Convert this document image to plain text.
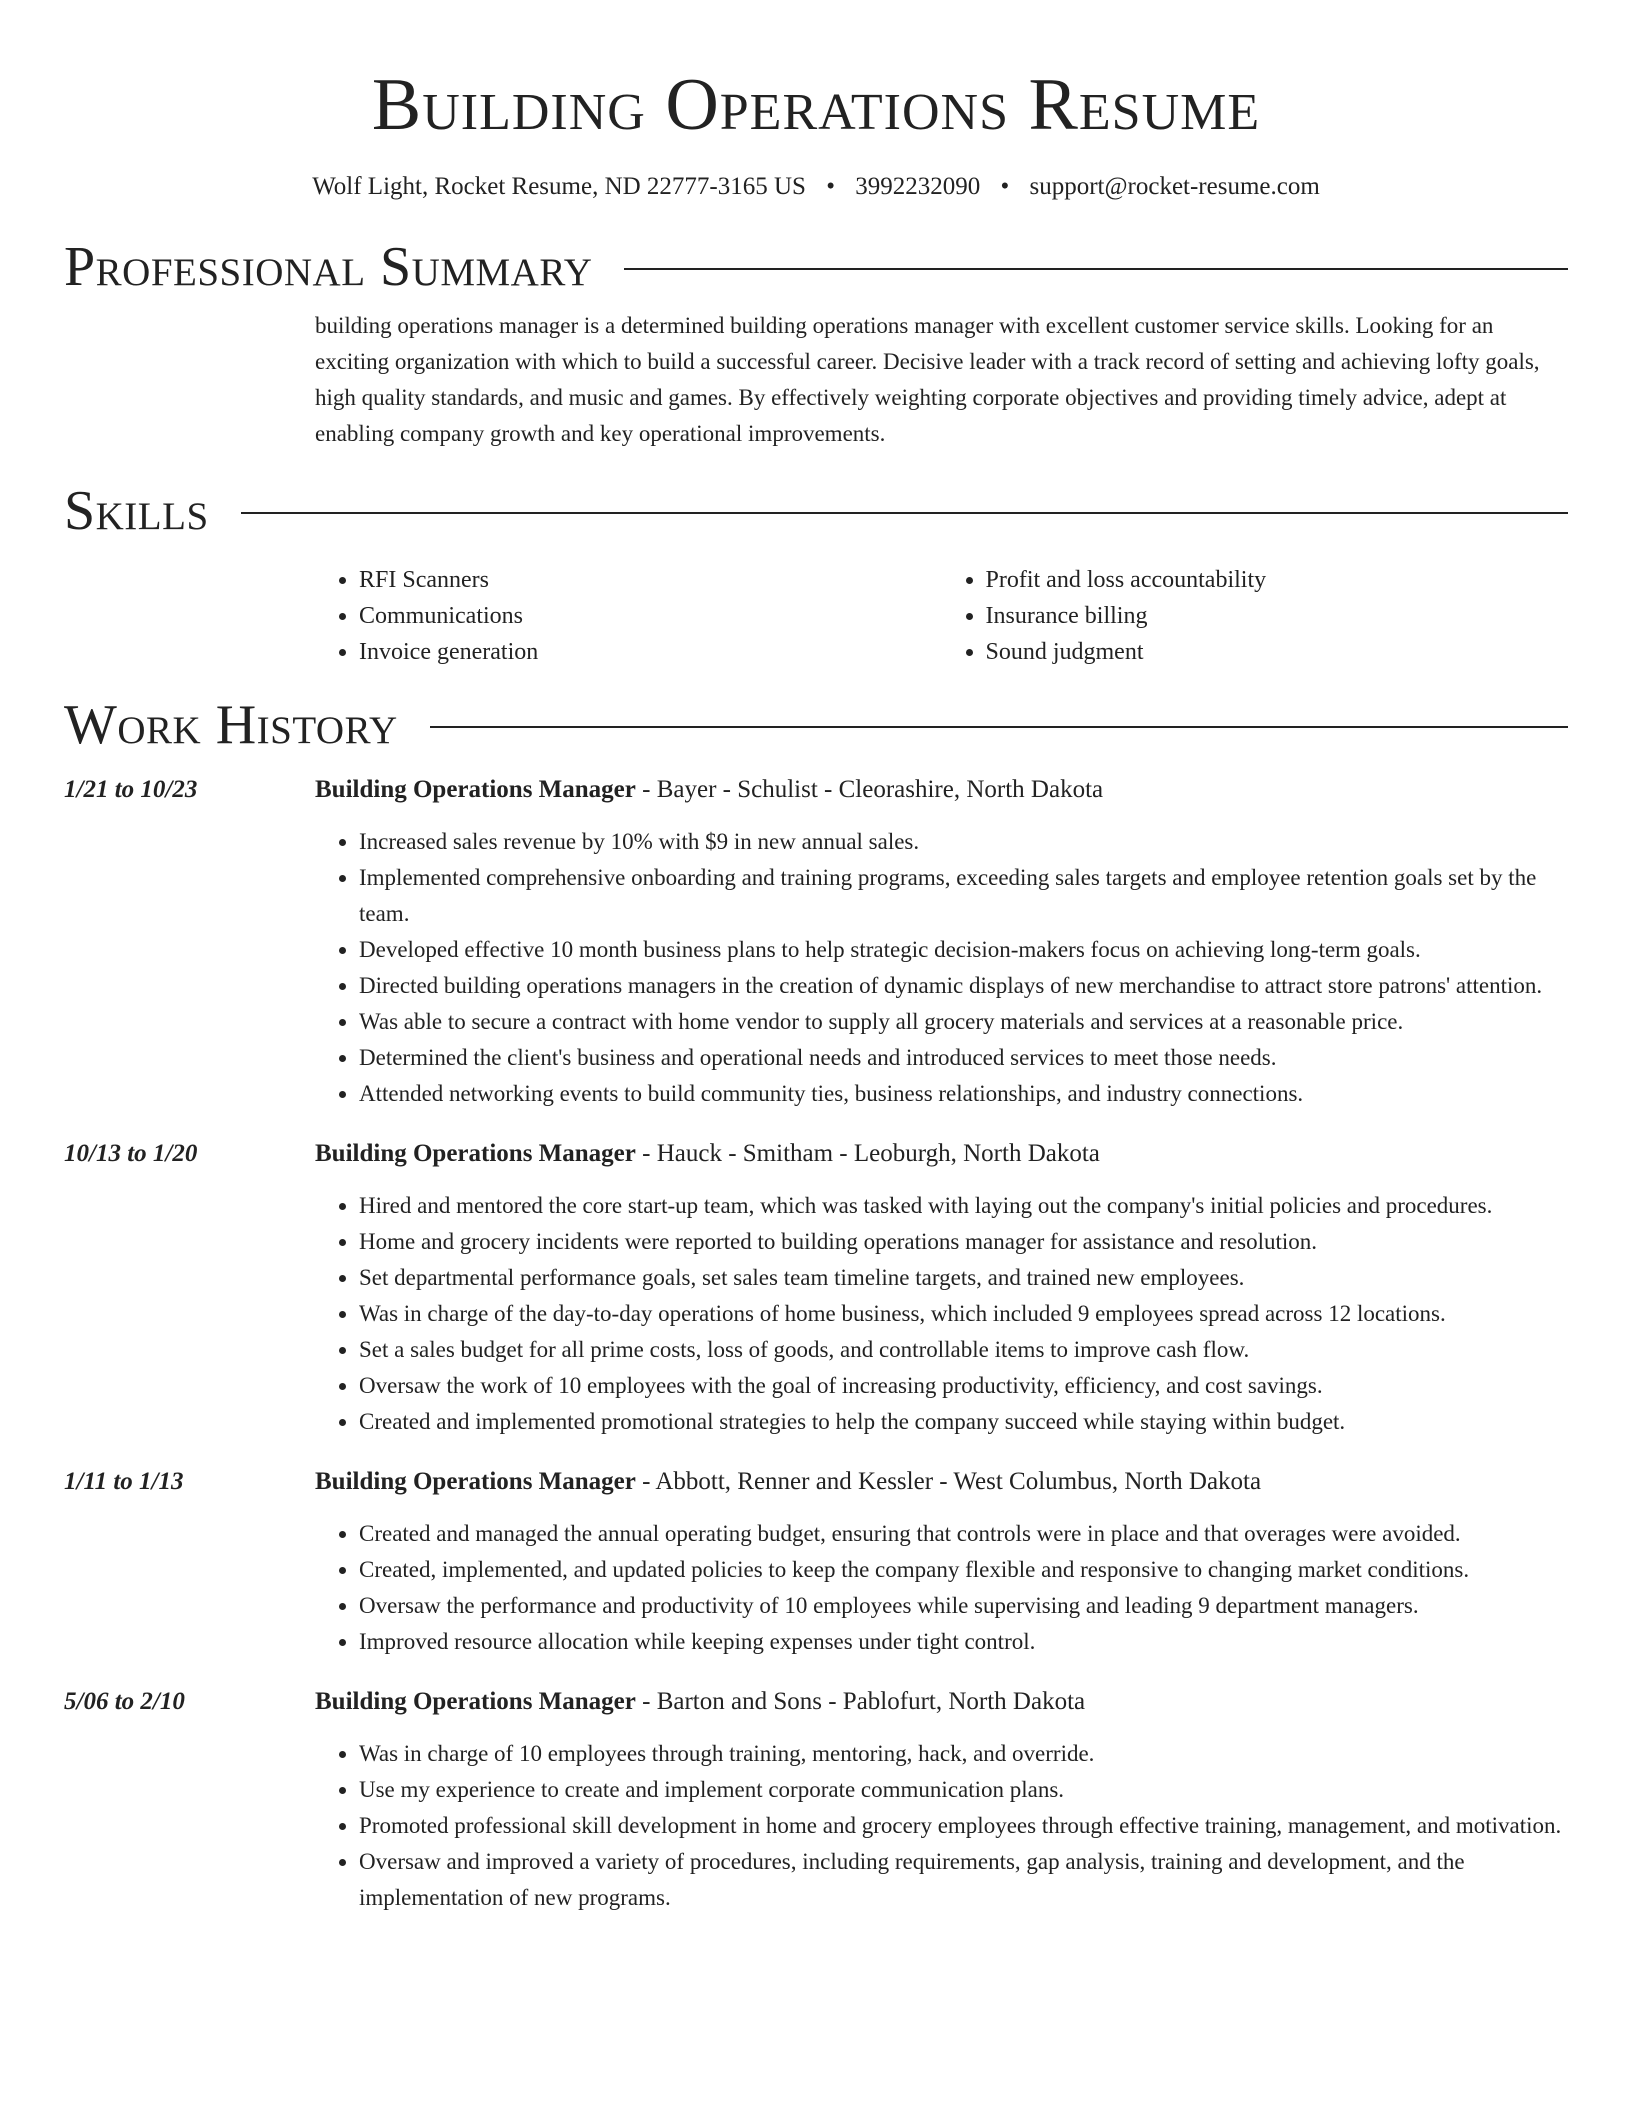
Building Operations Resume
Wolf Light, Rocket Resume, ND 22777-3165 US • 3992232090 • support@rocket-resume.com
Professional Summary

building operations manager is a determined building operations manager with excellent customer service skills. Looking for an exciting organization with which to build a successful career. Decisive leader with a track record of setting and achieving lofty goals, high quality standards, and music and games. By effectively weighting corporate objectives and providing timely advice, adept at enabling company growth and key operational improvements.

Skills
• RFI Scanners
• Communications
• Invoice generation
• Profit and loss accountability
• Insurance billing
• Sound judgment
Work History
1/21 to 10/23	Building Operations Manager - Bayer - Schulist - Cleorashire, North Dakota
• Increased sales revenue by 10% with $9 in new annual sales.
• Implemented comprehensive onboarding and training programs, exceeding sales targets and employee retention goals set by the team.
• Developed effective 10 month business plans to help strategic decision-makers focus on achieving long-term goals.
• Directed building operations managers in the creation of dynamic displays of new merchandise to attract store patrons' attention.
• Was able to secure a contract with home vendor to supply all grocery materials and services at a reasonable price.
• Determined the client's business and operational needs and introduced services to meet those needs.
• Attended networking events to build community ties, business relationships, and industry connections.
10/13 to 1/20	Building Operations Manager - Hauck - Smitham - Leoburgh, North Dakota
• Hired and mentored the core start-up team, which was tasked with laying out the company's initial policies and procedures.
• Home and grocery incidents were reported to building operations manager for assistance and resolution.
• Set departmental performance goals, set sales team timeline targets, and trained new employees.
• Was in charge of the day-to-day operations of home business, which included 9 employees spread across 12 locations.
• Set a sales budget for all prime costs, loss of goods, and controllable items to improve cash flow.
• Oversaw the work of 10 employees with the goal of increasing productivity, efficiency, and cost savings.
• Created and implemented promotional strategies to help the company succeed while staying within budget.
1/11 to 1/13	Building Operations Manager - Abbott, Renner and Kessler - West Columbus, North Dakota
• Created and managed the annual operating budget, ensuring that controls were in place and that overages were avoided.
• Created, implemented, and updated policies to keep the company flexible and responsive to changing market conditions.
• Oversaw the performance and productivity of 10 employees while supervising and leading 9 department managers.
• Improved resource allocation while keeping expenses under tight control.
5/06 to 2/10	Building Operations Manager - Barton and Sons - Pablofurt, North Dakota
• Was in charge of 10 employees through training, mentoring, hack, and override.
• Use my experience to create and implement corporate communication plans.
• Promoted professional skill development in home and grocery employees through effective training, management, and motivation.
• Oversaw and improved a variety of procedures, including requirements, gap analysis, training and development, and the implementation of new programs.
